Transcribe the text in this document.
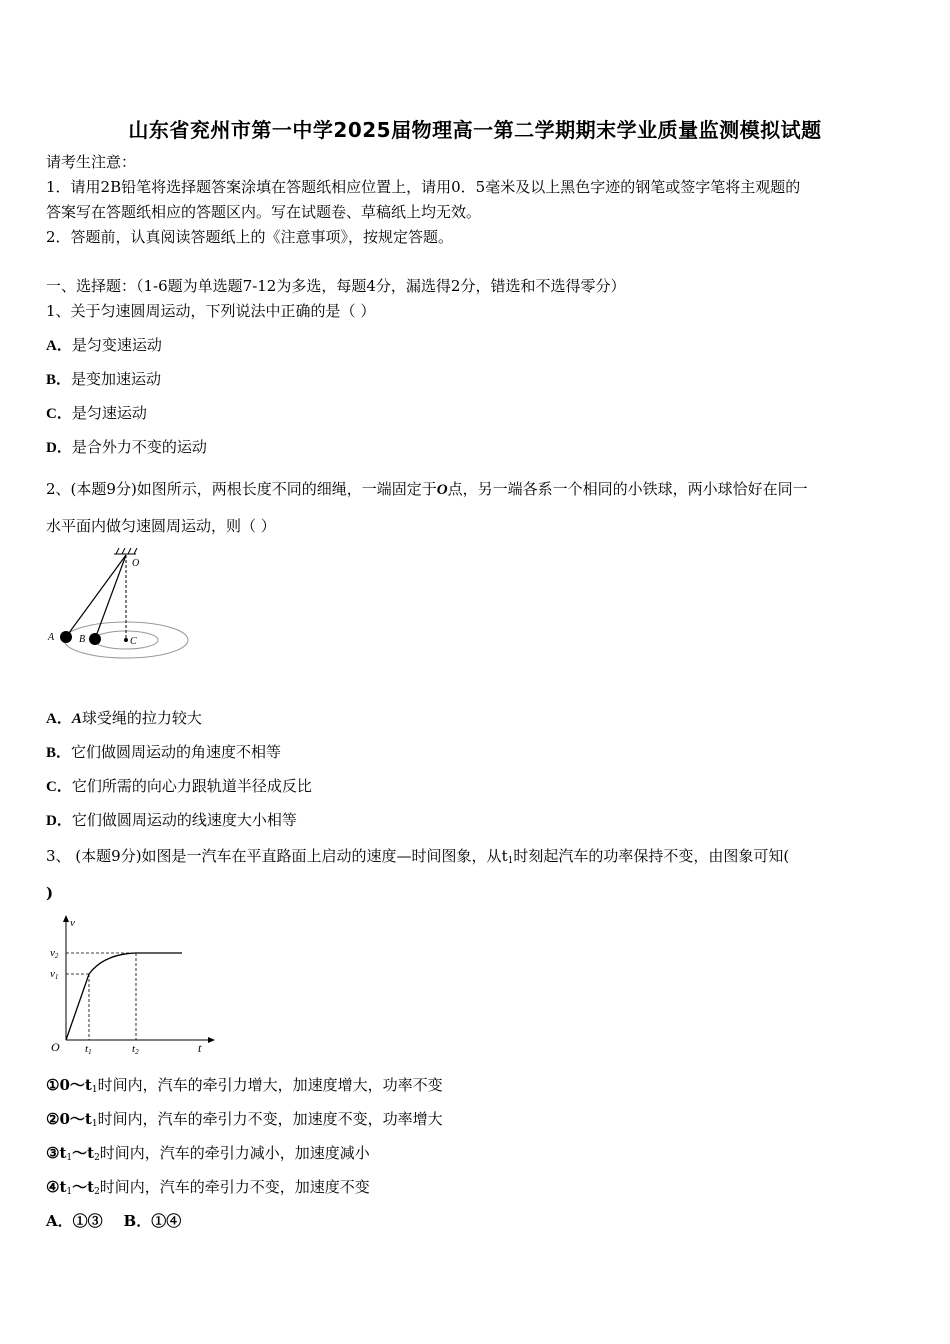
山东省兖州市第一中学2025届物理高一第二学期期末学业质量监测模拟试题
请考生注意：
1．请用2B铅笔将选择题答案涂填在答题纸相应位置上，请用0．5毫米及以上黑色字迹的钢笔或签字笔将主观题的
答案写在答题纸相应的答题区内。写在试题卷、草稿纸上均无效。
2．答题前，认真阅读答题纸上的《注意事项》，按规定答题。
一、选择题：（1-6题为单选题7-12为多选，每题4分，漏选得2分，错选和不选得零分）
1、关于匀速圆周运动，下列说法中正确的是（ ）
A．是匀变速运动
B．是变加速运动
C．是匀速运动
D．是合外力不变的运动
2、(本题9分)如图所示，两根长度不同的细绳，一端固定于O点，另一端各系一个相同的小铁球，两小球恰好在同一
水平面内做匀速圆周运动，则（ ）
O
A B	C
A．A球受绳的拉力较大
B．它们做圆周运动的角速度不相等
C．它们所需的向心力跟轨道半径成反比
D．它们做圆周运动的线速度大小相等
3、 (本题9分)如图是一汽车在平直路面上启动的速度—时间图象，从$t_1$时刻起汽车的功率保持不变，由图象可知(
)
v
v2
v1
O t1	t2	t
$①0\sim t_1$时间内，汽车的牵引力增大，加速度增大，功率不变
$②0\sim t_1$时间内，汽车的牵引力不变，加速度不变，功率增大
$③t_1\sim t_2$时间内，汽车的牵引力减小，加速度减小
$④t_1\sim t_2$时间内，汽车的牵引力不变，加速度不变
A．①③    B．①④
